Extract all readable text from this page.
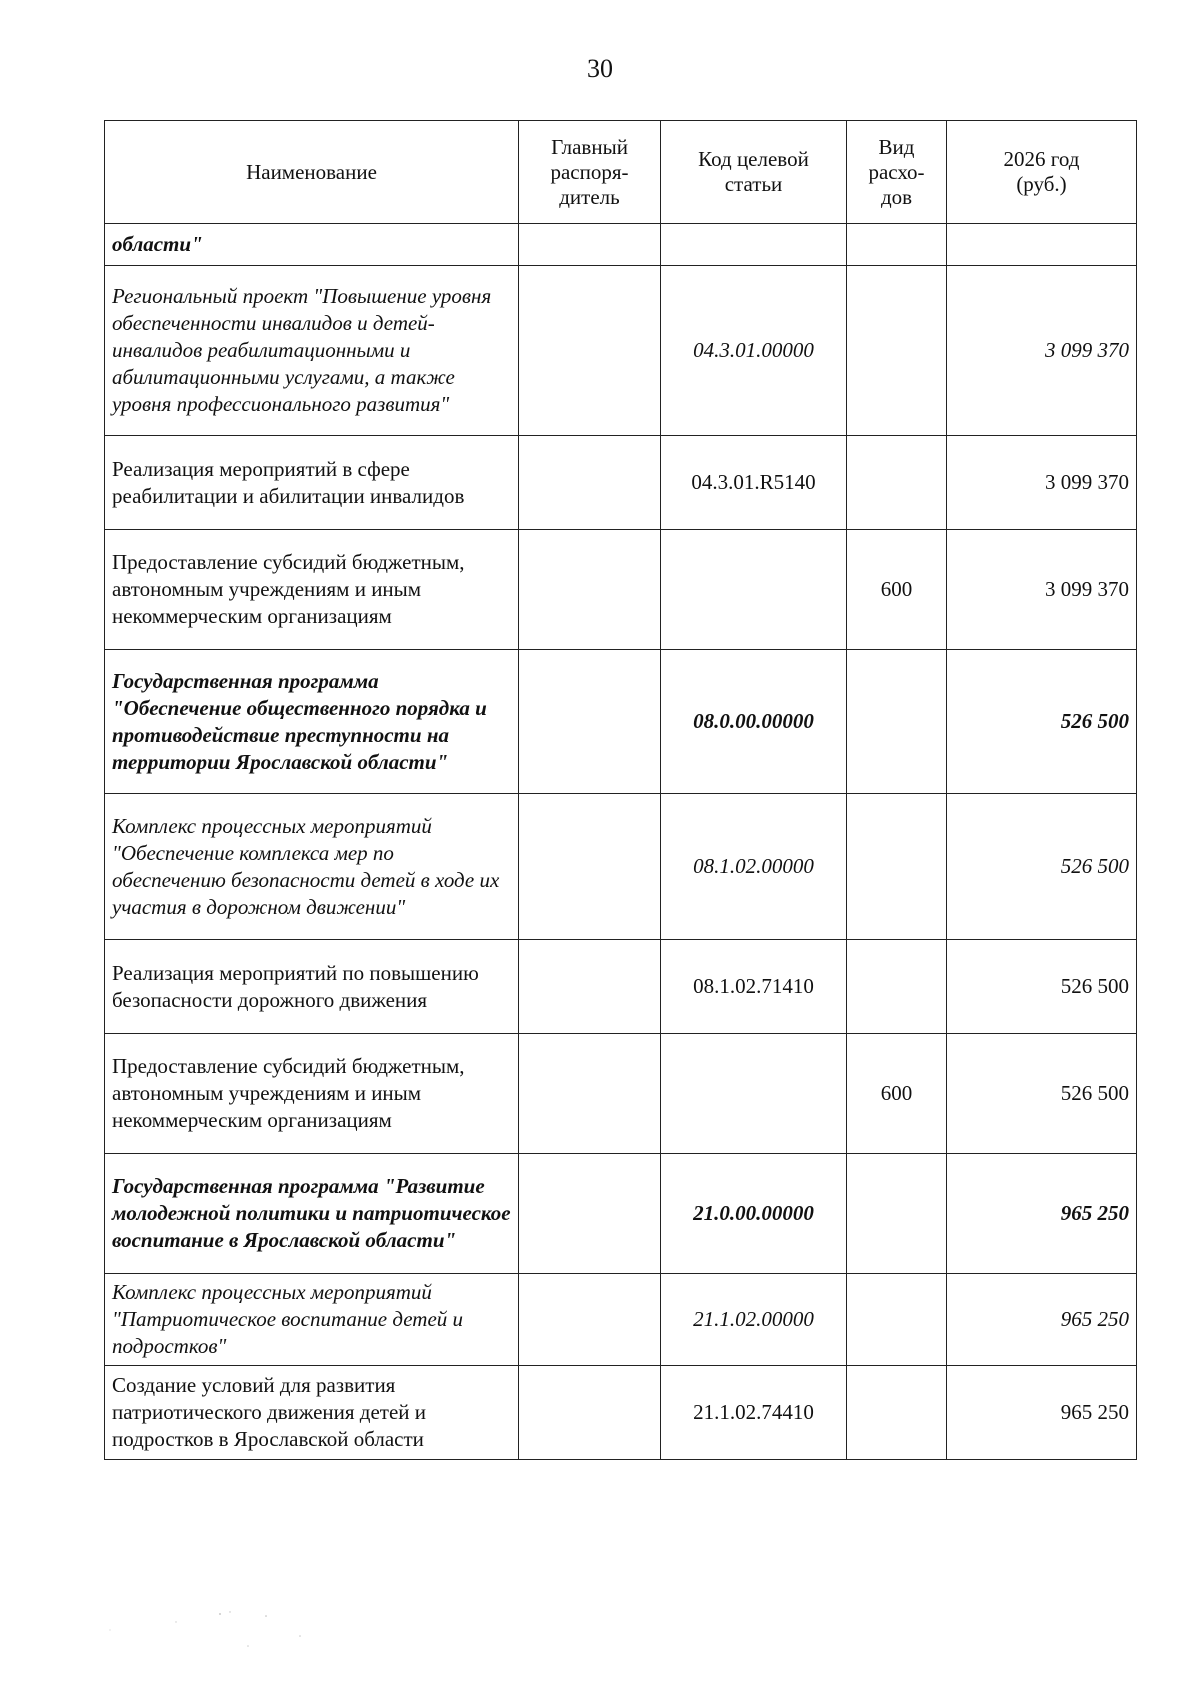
30
Наименование	Главный распоря-дитель	Код целевой статьи	Вид расхо-дов	2026 год (руб.)

области"				
Региональный проект "Повышение уровня обеспеченности инвалидов и детей-инвалидов реабилитационными и абилитационными услугами, а также уровня профессионального развития"		04.3.01.00000		3 099 370
Реализация мероприятий в сфере реабилитации и абилитации инвалидов		04.3.01.R5140		3 099 370
Предоставление субсидий бюджетным, автономным учреждениям и иным некоммерческим организациям			600	3 099 370
Государственная программа "Обеспечение общественного порядка и противодействие преступности на территории Ярославской области"		08.0.00.00000		526 500
Комплекс процессных мероприятий "Обеспечение комплекса мер по обеспечению безопасности детей в ходе их участия в дорожном движении"		08.1.02.00000		526 500
Реализация мероприятий по повышению безопасности дорожного движения		08.1.02.71410		526 500
Предоставление субсидий бюджетным, автономным учреждениям и иным некоммерческим организациям			600	526 500
Государственная программа "Развитие молодежной политики и патриотическое воспитание в Ярославской области"		21.0.00.00000		965 250
Комплекс процессных мероприятий "Патриотическое воспитание детей и подростков"		21.1.02.00000		965 250
Создание условий для развития патриотического движения детей и подростков в Ярославской области		21.1.02.74410		965 250
